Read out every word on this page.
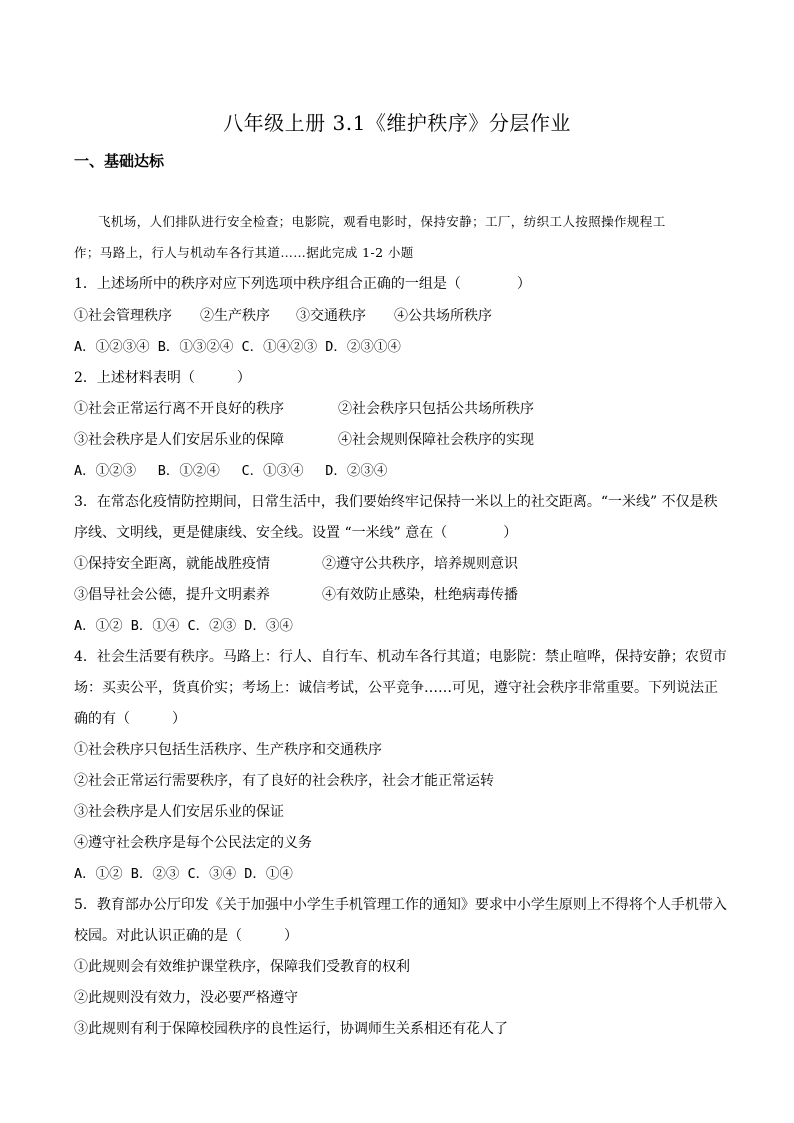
八年级上册 3.1《维护秩序》分层作业
一、基础达标
飞机场，人们排队进行安全检查；电影院，观看电影时，保持安静；工厂，纺织工人按照操作规程工
作；马路上，行人与机动车各行其道……据此完成 1-2 小题
1．上述场所中的秩序对应下列选项中秩序组合正确的一组是（　　　　）
①社会管理秩序 ②生产秩序 ③交通秩序 ④公共场所秩序
A．①②③④ B．①③②④ C．①④②③ D．②③①④
2．上述材料表明（　　　）
①社会正常运行离不开良好的秩序	②社会秩序只包括公共场所秩序
③社会秩序是人们安居乐业的保障	④社会规则保障社会秩序的实现
A．①②③　 B．①②④　 C．①③④　 D．②③④
3．在常态化疫情防控期间，日常生活中，我们要始终牢记保持一米以上的社交距离。“一米线” 不仅是秩
序线、文明线，更是健康线、安全线。设置 “一米线” 意在（　　　　）
①保持安全距离，就能战胜疫情	②遵守公共秩序，培养规则意识
③倡导社会公德，提升文明素养	④有效防止感染，杜绝病毒传播
A．①② B．①④ C．②③ D．③④
4．社会生活要有秩序。马路上：行人、自行车、机动车各行其道；电影院：禁止喧哗，保持安静；农贸市
场：买卖公平，货真价实；考场上：诚信考试，公平竞争……可见，遵守社会秩序非常重要。下列说法正
确的有（　　　）
①社会秩序只包括生活秩序、生产秩序和交通秩序
②社会正常运行需要秩序，有了良好的社会秩序，社会才能正常运转
③社会秩序是人们安居乐业的保证
④遵守社会秩序是每个公民法定的义务
A．①② B．②③ C．③④ D．①④
5．教育部办公厅印发《关于加强中小学生手机管理工作的通知》要求中小学生原则上不得将个人手机带入
校园。对此认识正确的是（　　　）
①此规则会有效维护课堂秩序，保障我们受教育的权利
②此规则没有效力，没必要严格遵守
③此规则有利于保障校园秩序的良性运行，协调师生关系相还有花人了
